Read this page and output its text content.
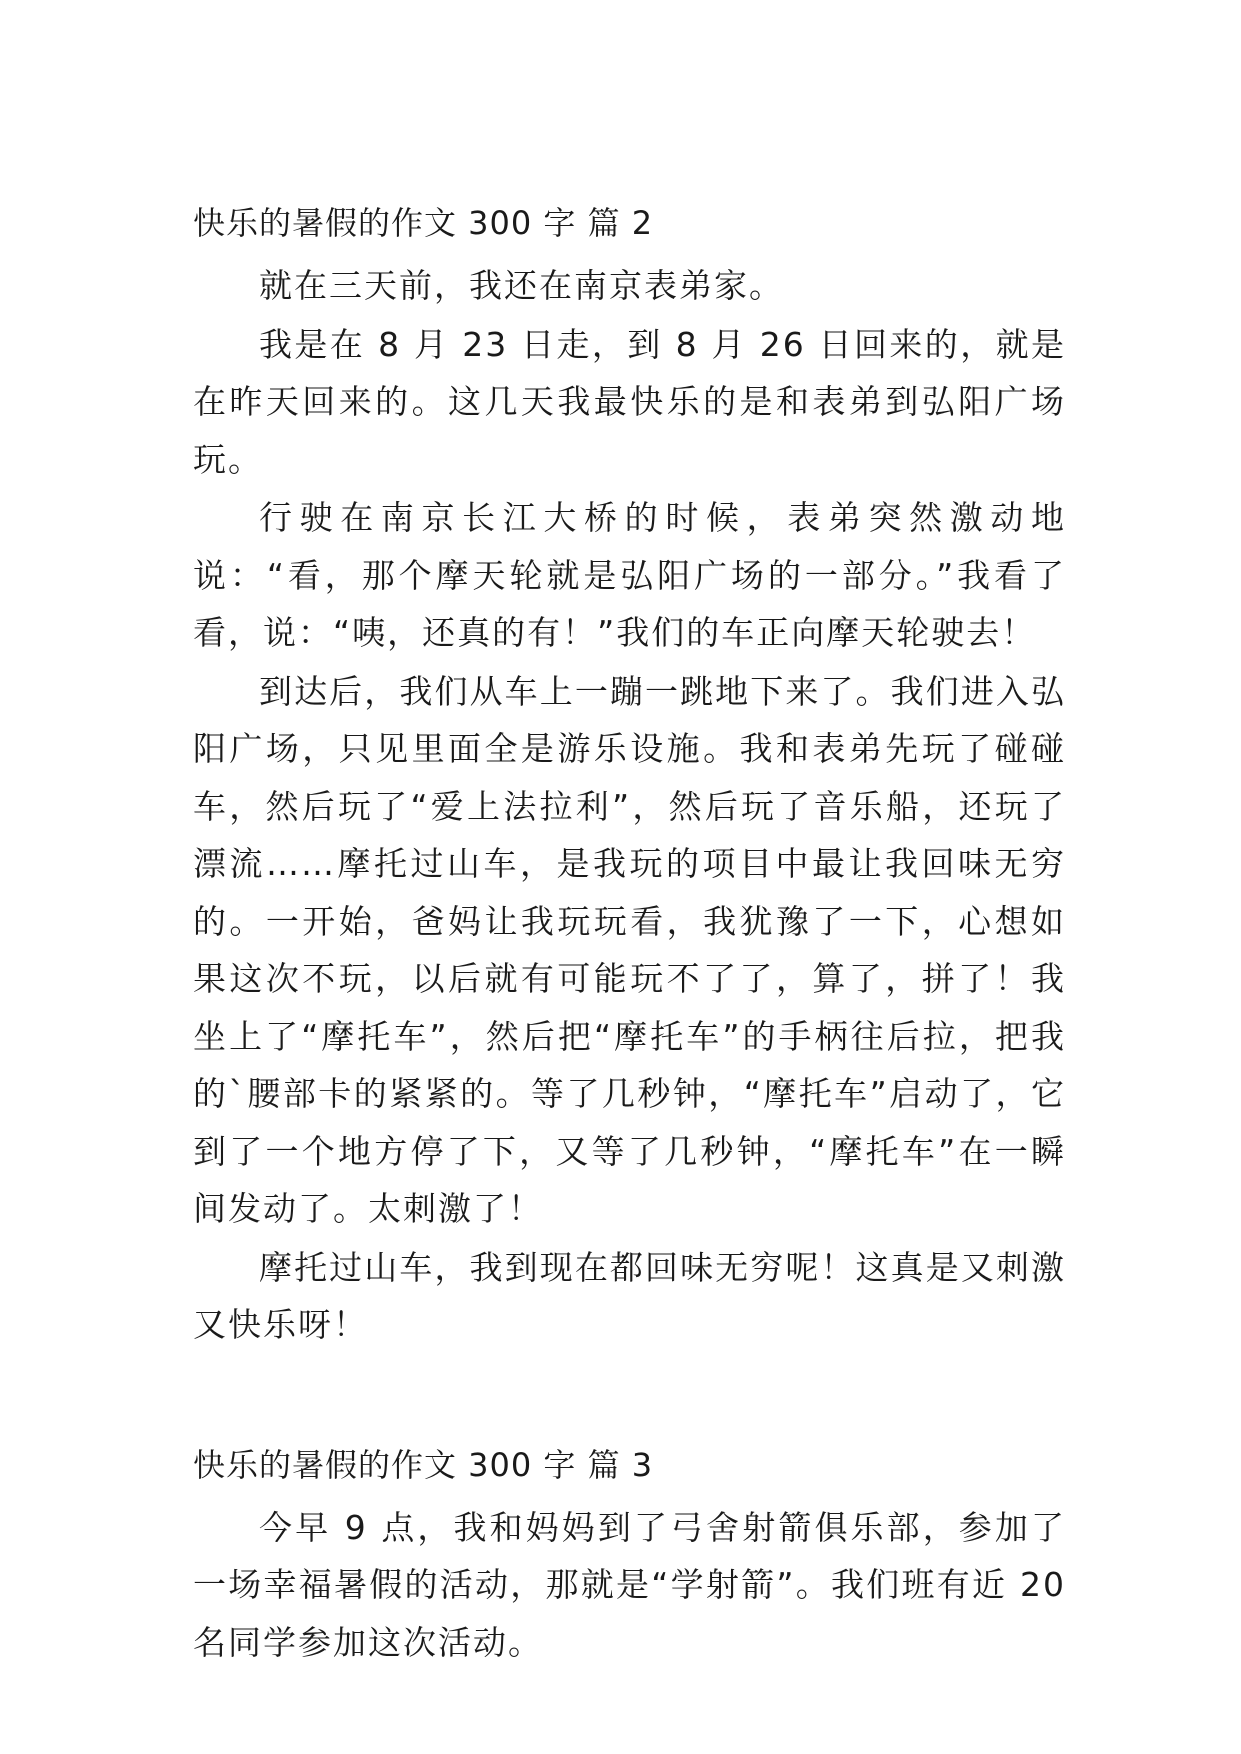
快乐的暑假的作文 300 字 篇 2

就在三天前，我还在南京表弟家。

我是在 8 月 23 日走，到 8 月 26 日回来的，就是在昨天回来的。这几天我最快乐的是和表弟到弘阳广场玩。

行驶在南京长江大桥的时候，表弟突然激动地说：“看，那个摩天轮就是弘阳广场的一部分。”我看了看，说：“咦，还真的有！”我们的车正向摩天轮驶去！

到达后，我们从车上一蹦一跳地下来了。我们进入弘阳广场，只见里面全是游乐设施。我和表弟先玩了碰碰车，然后玩了“爱上法拉利”，然后玩了音乐船，还玩了漂流……摩托过山车，是我玩的项目中最让我回味无穷的。一开始，爸妈让我玩玩看，我犹豫了一下，心想如果这次不玩，以后就有可能玩不了了，算了，拼了！我坐上了“摩托车”，然后把“摩托车”的手柄往后拉，把我的`腰部卡的紧紧的。等了几秒钟，“摩托车”启动了，它到了一个地方停了下，又等了几秒钟，“摩托车”在一瞬间发动了。太刺激了！

摩托过山车，我到现在都回味无穷呢！这真是又刺激又快乐呀！

快乐的暑假的作文 300 字 篇 3

今早 9 点，我和妈妈到了弓舍射箭俱乐部，参加了一场幸福暑假的活动，那就是“学射箭”。我们班有近 20 名同学参加这次活动。
